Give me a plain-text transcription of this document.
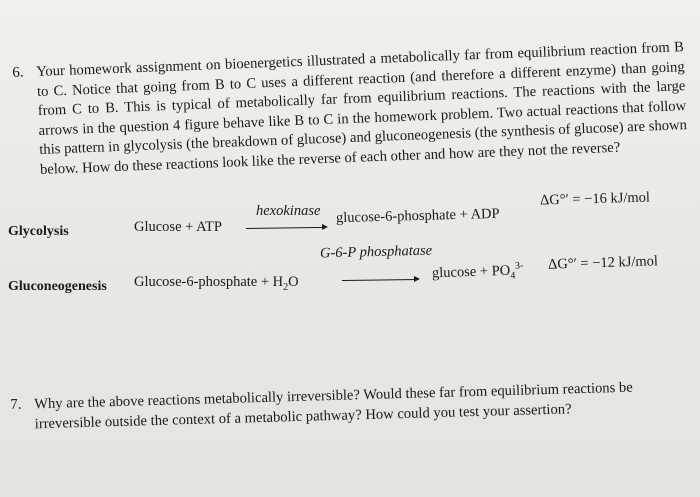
6. Your homework assignment on bioenergetics illustrated a metabolically far from equilibrium reaction from B to C. Notice that going from B to C uses a different reaction (and therefore a different enzyme) than going from C to B. This is typical of metabolically far from equilibrium reactions. The reactions with the large arrows in the question 4 figure behave like B to C in the homework problem. Two actual reactions that follow this pattern in glycolysis (the breakdown of glucose) and gluconeogenesis (the synthesis of glucose) are shown below. How do these reactions look like the reverse of each other and how are they not the reverse?

Glycolysis	Glucose + ATP
hexokinase glucose-6-phosphate + ADP
ΔG°′ = −16 kJ/mol
Gluconeogenesis Glucose-6-phosphate + $H_2O$
G-6-P phosphatase
$glucose + PO_4^{3-}$ ΔG°′ = −12 kJ/mol
7. Why are the above reactions metabolically irreversible? Would these far from equilibrium reactions be irreversible outside the context of a metabolic pathway? How could you test your assertion?
